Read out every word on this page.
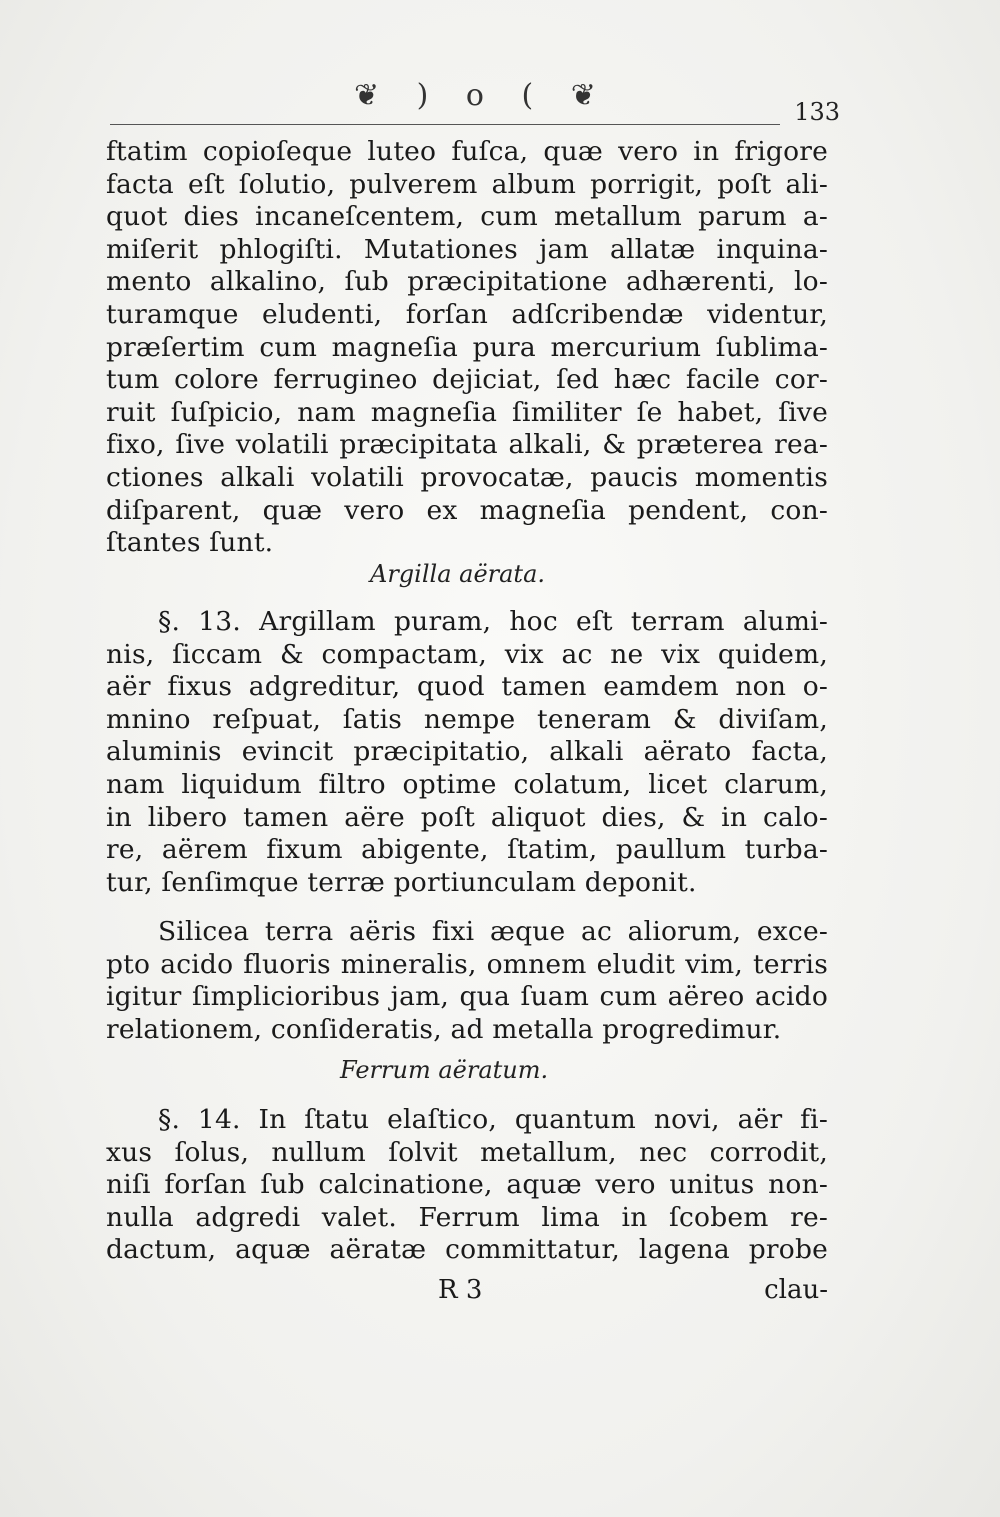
❦ ) o ( ❦	133
ftatim copioſeque luteo fuſca, quæ vero in frigore
facta eſt ſolutio, pulverem album porrigit, poſt ali-
quot dies incaneſcentem, cum metallum parum a-
miſerit phlogiſti. Mutationes jam allatæ inquina-
mento alkalino, ſub præcipitatione adhærenti, lo-
turamque eludenti, forſan adſcribendæ videntur,
præſertim cum magneſia pura mercurium ſublima-
tum colore ferrugineo dejiciat, ſed hæc facile cor-
ruit ſuſpicio, nam magneſia ſimiliter ſe habet, ſive
fixo, ſive volatili præcipitata alkali, & præterea rea-
ctiones alkali volatili provocatæ, paucis momentis
diſparent, quæ vero ex magneſia pendent, con-
ſtantes ſunt.
Argilla aërata.
§. 13. Argillam puram, hoc eſt terram alumi-
nis, ſiccam & compactam, vix ac ne vix quidem,
aër fixus adgreditur, quod tamen eamdem non o-
mnino reſpuat, ſatis nempe teneram & diviſam,
aluminis evincit præcipitatio, alkali aërato facta,
nam liquidum filtro optime colatum, licet clarum,
in libero tamen aëre poſt aliquot dies, & in calo-
re, aërem fixum abigente, ſtatim, paullum turba-
tur, ſenſimque terræ portiunculam deponit.
Silicea terra aëris fixi æque ac aliorum, exce-
pto acido fluoris mineralis, omnem eludit vim, terris
igitur ſimplicioribus jam, qua ſuam cum aëreo acido
relationem, conſideratis, ad metalla progredimur.
Ferrum aëratum.
§. 14. In ſtatu elaſtico, quantum novi, aër fi-
xus ſolus, nullum ſolvit metallum, nec corrodit,
niſi forſan ſub calcinatione, aquæ vero unitus non-
nulla adgredi valet. Ferrum lima in ſcobem re-
dactum, aquæ aëratæ committatur, lagena probe
R 3	clau-
